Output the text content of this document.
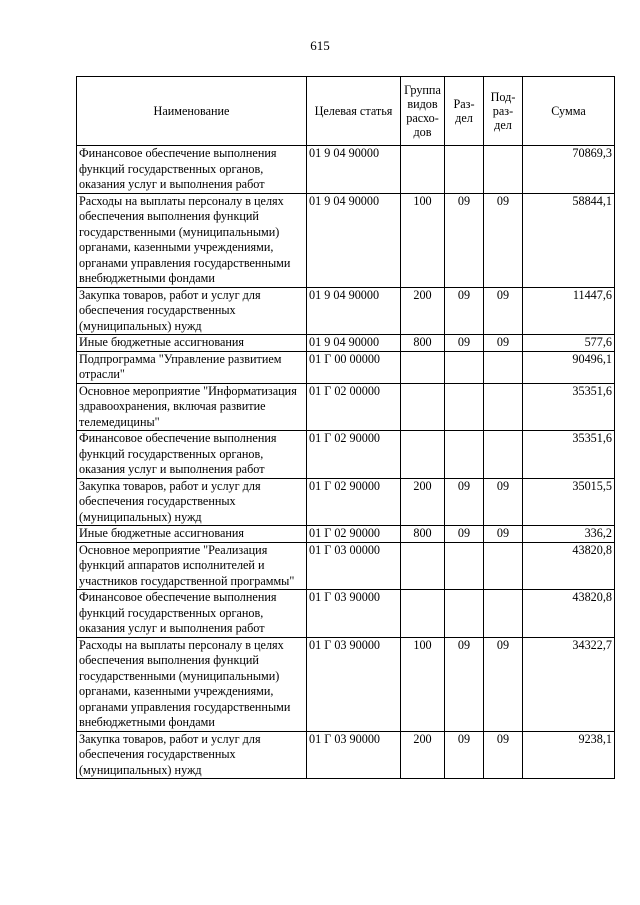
615
Наименование	Целевая статья	Группа видов расхо-дов	Раз-дел	Под-раз-дел	Сумма
Финансовое обеспечение выполнения функций государственных органов, оказания услуг и выполнения работ	01 9 04 90000				70869,3
Расходы на выплаты персоналу в целях обеспечения выполнения функций государственными (муниципальными) органами, казенными учреждениями, органами управления государственными внебюджетными фондами	01 9 04 90000	100	09	09	58844,1
Закупка товаров, работ и услуг для обеспечения государственных (муниципальных) нужд	01 9 04 90000	200	09	09	11447,6
Иные бюджетные ассигнования	01 9 04 90000	800	09	09	577,6
Подпрограмма "Управление развитием отрасли"	01 Г 00 00000				90496,1
Основное мероприятие "Информатизация здравоохранения, включая развитие телемедицины"	01 Г 02 00000				35351,6
Финансовое обеспечение выполнения функций государственных органов, оказания услуг и выполнения работ	01 Г 02 90000				35351,6
Закупка товаров, работ и услуг для обеспечения государственных (муниципальных) нужд	01 Г 02 90000	200	09	09	35015,5
Иные бюджетные ассигнования	01 Г 02 90000	800	09	09	336,2
Основное мероприятие "Реализация функций аппаратов исполнителей и участников государственной программы"	01 Г 03 00000				43820,8
Финансовое обеспечение выполнения функций государственных органов, оказания услуг и выполнения работ	01 Г 03 90000				43820,8
Расходы на выплаты персоналу в целях обеспечения выполнения функций государственными (муниципальными) органами, казенными учреждениями, органами управления государственными внебюджетными фондами	01 Г 03 90000	100	09	09	34322,7
Закупка товаров, работ и услуг для обеспечения государственных (муниципальных) нужд	01 Г 03 90000	200	09	09	9238,1
